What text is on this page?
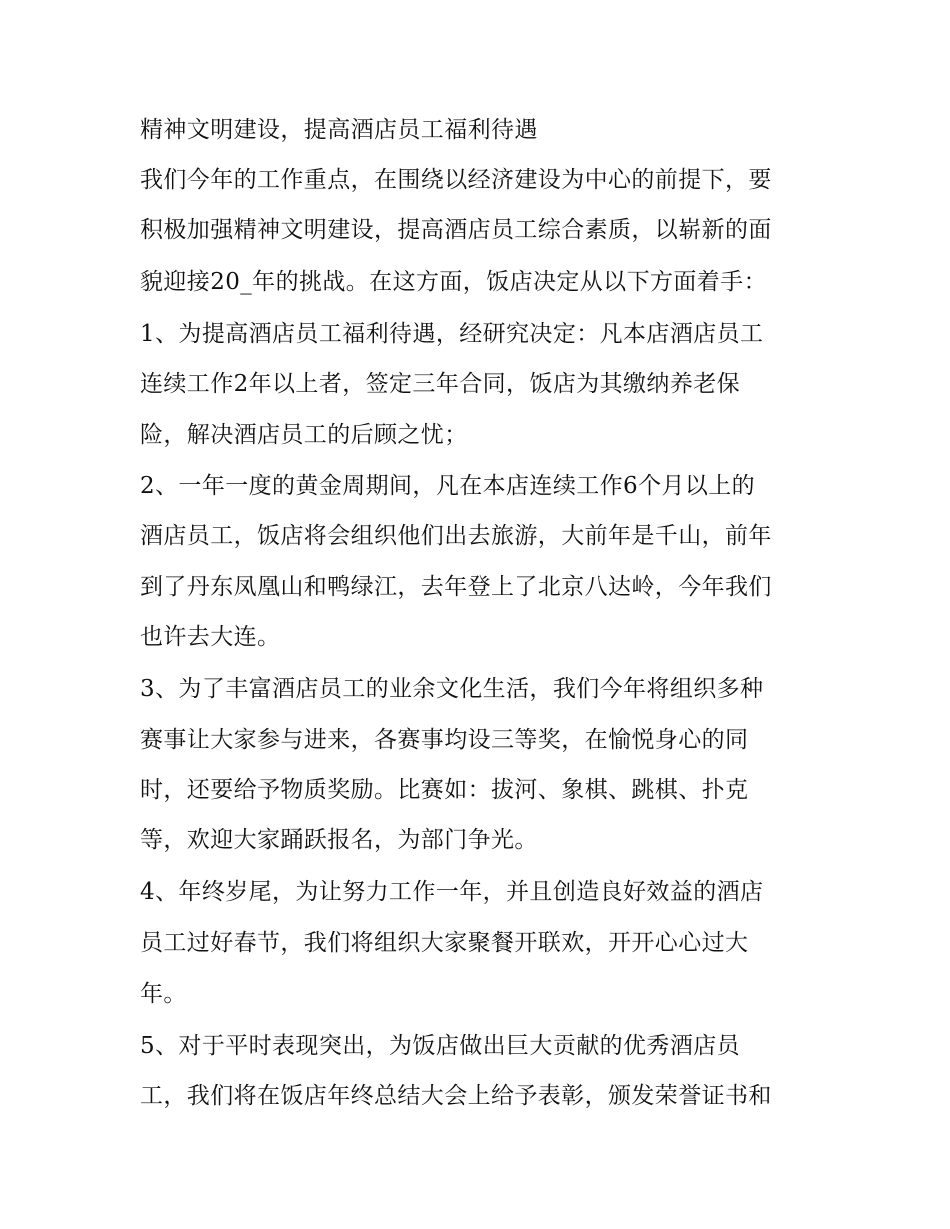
精神文明建设，提高酒店员工福利待遇
我们今年的工作重点，在围绕以经济建设为中心的前提下，要
积极加强精神文明建设，提高酒店员工综合素质，以崭新的面
貌迎接20_年的挑战。在这方面，饭店决定从以下方面着手：
1、为提高酒店员工福利待遇，经研究决定：凡本店酒店员工
连续工作2年以上者，签定三年合同，饭店为其缴纳养老保
险，解决酒店员工的后顾之忧；
2、一年一度的黄金周期间，凡在本店连续工作6个月以上的
酒店员工，饭店将会组织他们出去旅游，大前年是千山，前年
到了丹东凤凰山和鸭绿江，去年登上了北京八达岭，今年我们
也许去大连。
3、为了丰富酒店员工的业余文化生活，我们今年将组织多种
赛事让大家参与进来，各赛事均设三等奖，在愉悦身心的同
时，还要给予物质奖励。比赛如：拔河、象棋、跳棋、扑克
等，欢迎大家踊跃报名，为部门争光。
4、年终岁尾，为让努力工作一年，并且创造良好效益的酒店
员工过好春节，我们将组织大家聚餐开联欢，开开心心过大
年。
5、对于平时表现突出，为饭店做出巨大贡献的优秀酒店员
工，我们将在饭店年终总结大会上给予表彰，颁发荣誉证书和
